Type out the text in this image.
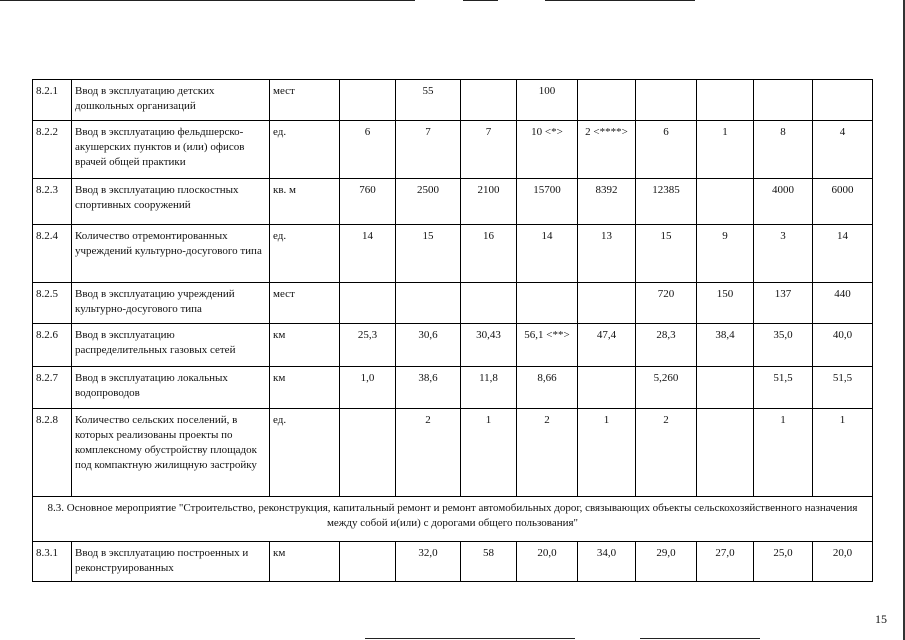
8.2.1	Ввод в эксплуатацию детских дошкольных организаций	мест		55		100					
8.2.2	Ввод в эксплуатацию фельдшерско-акушерских пунктов и (или) офисов врачей общей практики	ед.	6	7	7	10 <*>	2 <****>	6	1	8	4
8.2.3	Ввод в эксплуатацию плоскостных спортивных сооружений	кв. м	760	2500	2100	15700	8392	12385		4000	6000
8.2.4	Количество отремонтированных учреждений культурно-досугового типа	ед.	14	15	16	14	13	15	9	3	14
8.2.5	Ввод в эксплуатацию учреждений культурно-досугового типа	мест						720	150	137	440
8.2.6	Ввод в эксплуатацию распределительных газовых сетей	км	25,3	30,6	30,43	56,1 <**>	47,4	28,3	38,4	35,0	40,0
8.2.7	Ввод в эксплуатацию локальных водопроводов	км	1,0	38,6	11,8	8,66		5,260		51,5	51,5
8.2.8	Количество сельских поселений, в которых реализованы проекты по комплексному обустройству площадок под компактную жилищную застройку	ед.		2	1	2	1	2		1	1
8.3. Основное мероприятие "Строительство, реконструкция, капитальный ремонт и ремонт автомобильных дорог, связывающих объекты сельскохозяйственного назначения между собой и(или) с дорогами общего пользования"											
8.3.1	Ввод в эксплуатацию построенных и реконструированных	км		32,0	58	20,0	34,0	29,0	27,0	25,0	20,0
15
